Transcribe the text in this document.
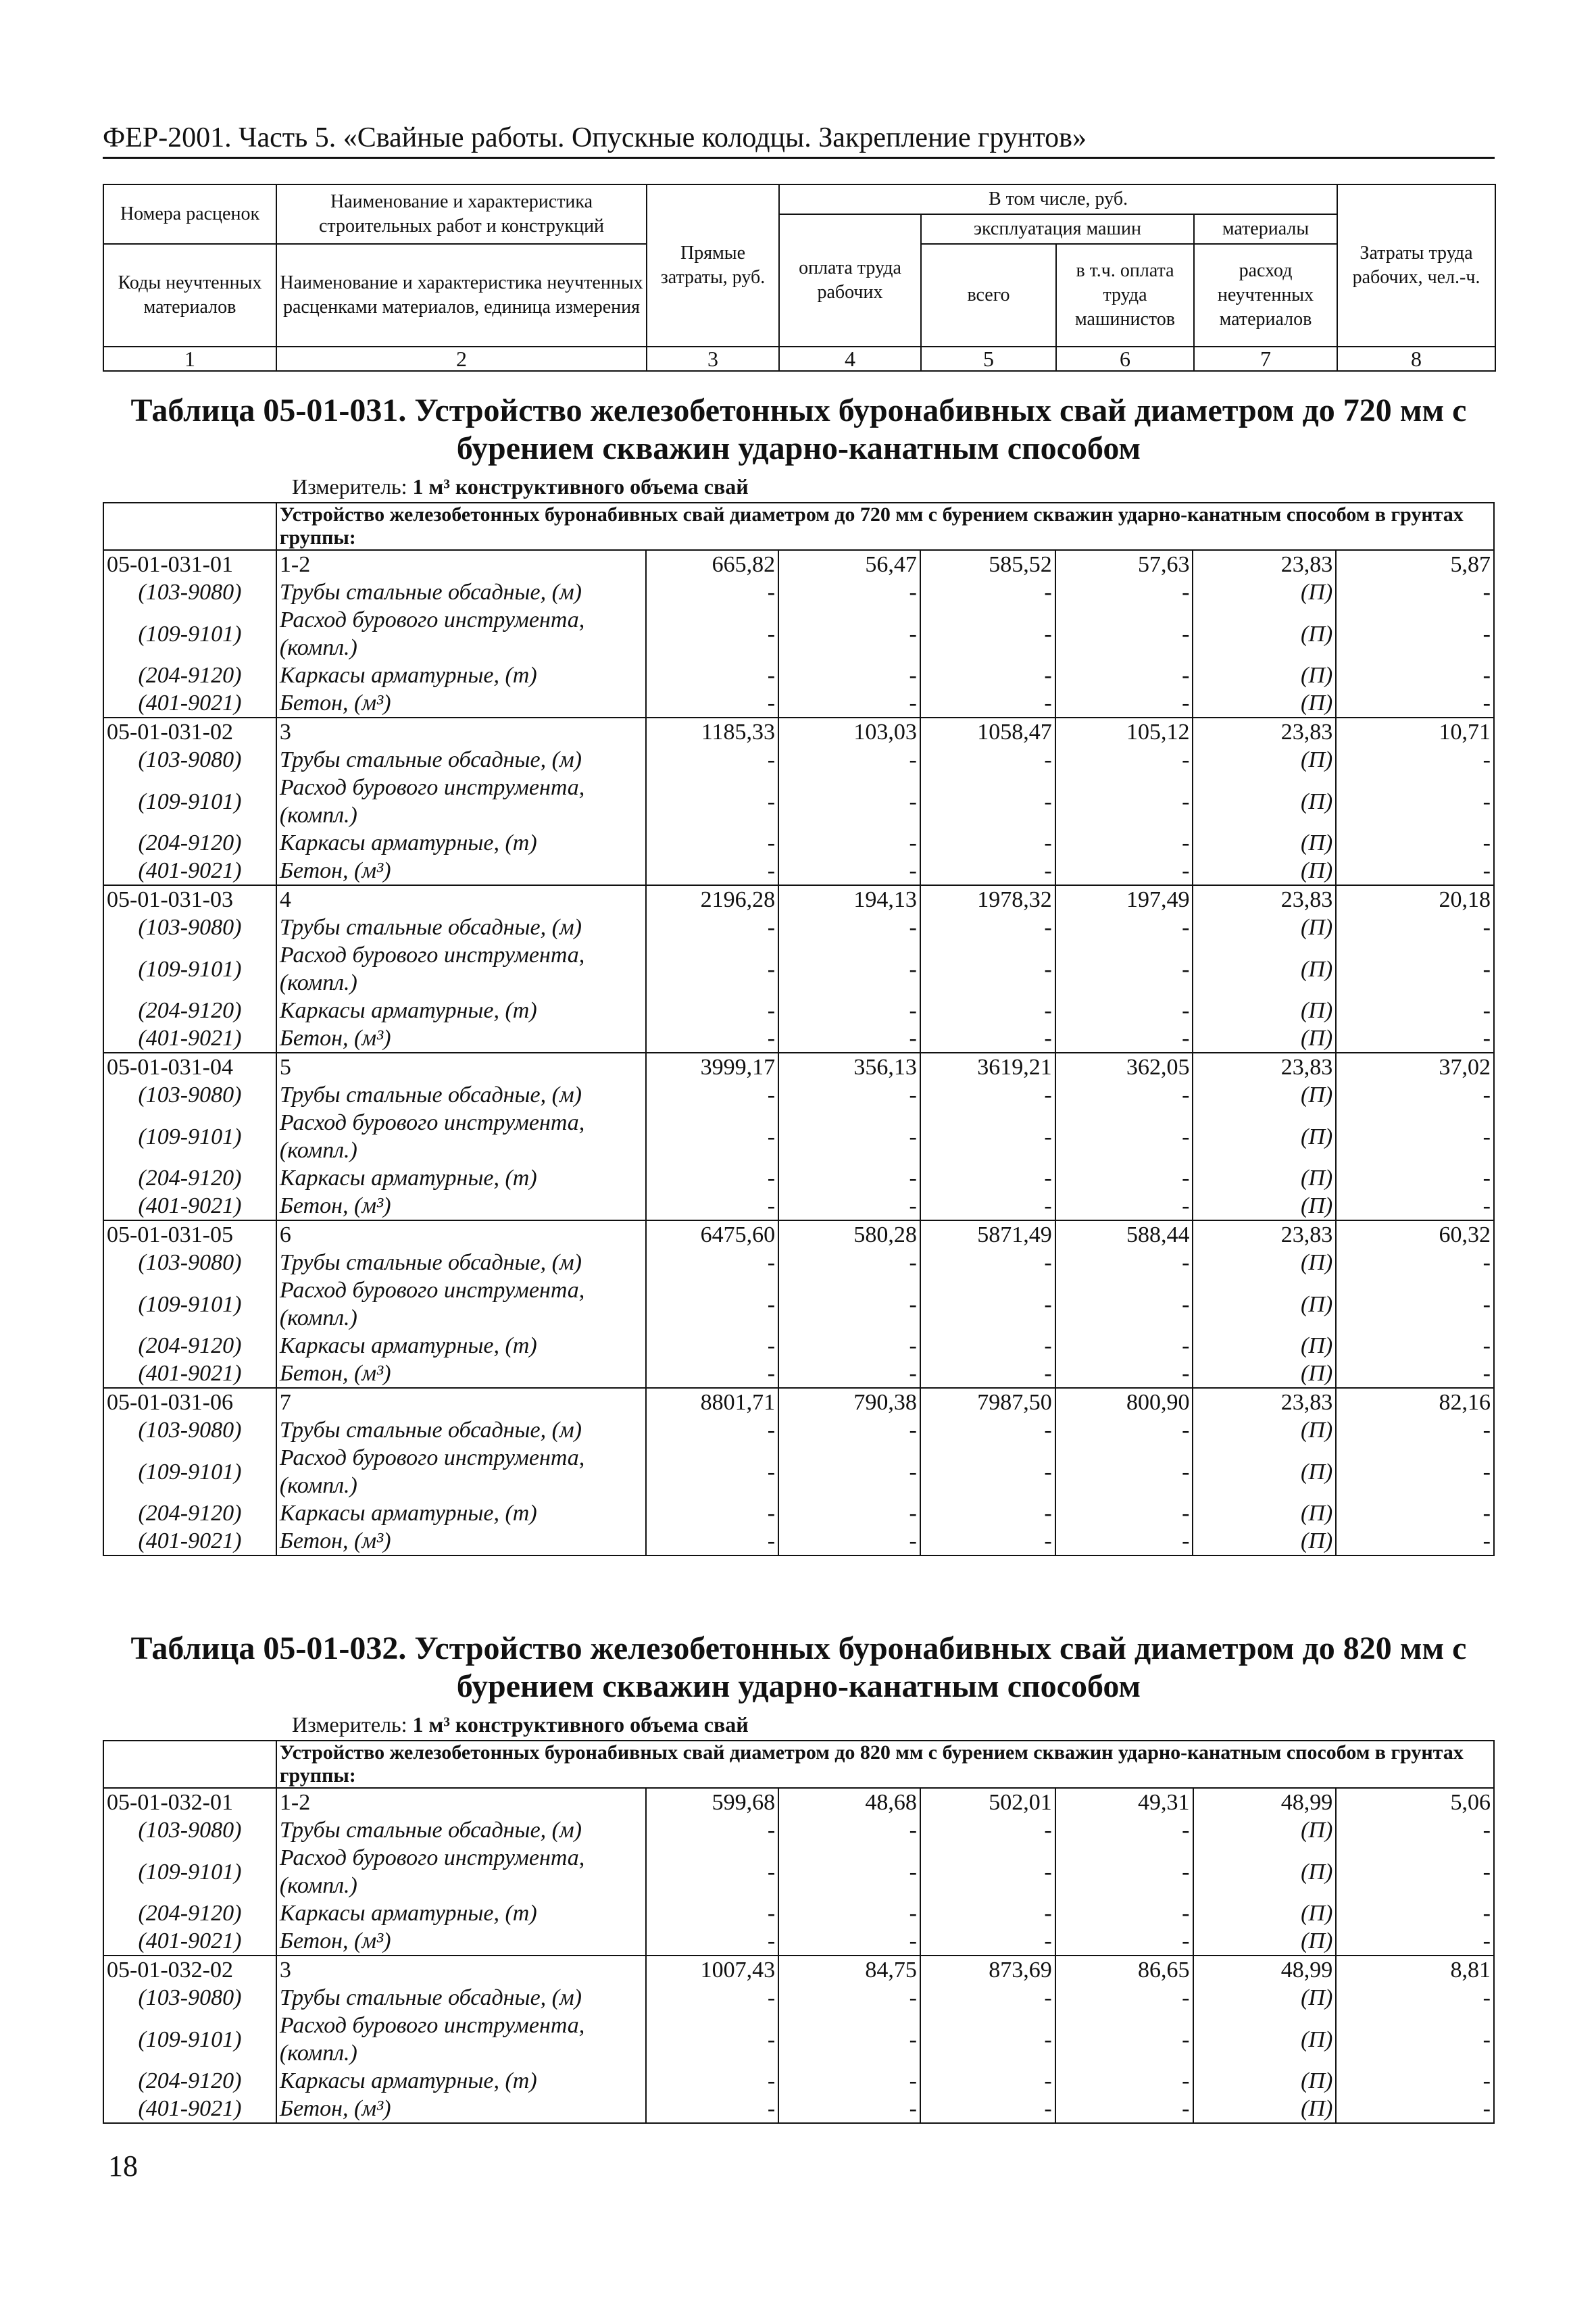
ФЕР-2001. Часть 5. «Свайные работы. Опускные колодцы. Закрепление грунтов»
Номера расценок	Наименование и характеристика строительных работ и конструкций	Прямые затраты, руб.	В том числе, руб.				Затраты труда рабочих, чел.-ч.
			оплата труда рабочих	эксплуатация машин		материалы	
Коды неучтенных материалов	Наименование и характеристика неучтенных расценками материалов, единица измерения			всего	в т.ч. оплата труда машинистов	расход неучтенных материалов	
1	2	3	4	5	6	7	8
Таблица 05-01-031. Устройство железобетонных буронабивных свай диаметром до 720 мм с бурением скважин ударно-канатным способом
Измеритель: 1 м³ конструктивного объема свай
	Устройство железобетонных буронабивных свай диаметром до 720 мм с бурением скважин ударно-канатным способом в грунтах группы:						
05-01-031-01	1-2	665,82	56,47	585,52	57,63	23,83	5,87
(103-9080)	Трубы стальные обсадные, (м)	-	-	-	-	(П)	-
(109-9101)	Расход бурового инструмента, (компл.)	-	-	-	-	(П)	-
(204-9120)	Каркасы арматурные, (т)	-	-	-	-	(П)	-
(401-9021)	Бетон, (м³)	-	-	-	-	(П)	-
05-01-031-02	3	1185,33	103,03	1058,47	105,12	23,83	10,71
(103-9080)	Трубы стальные обсадные, (м)	-	-	-	-	(П)	-
(109-9101)	Расход бурового инструмента, (компл.)	-	-	-	-	(П)	-
(204-9120)	Каркасы арматурные, (т)	-	-	-	-	(П)	-
(401-9021)	Бетон, (м³)	-	-	-	-	(П)	-
05-01-031-03	4	2196,28	194,13	1978,32	197,49	23,83	20,18
(103-9080)	Трубы стальные обсадные, (м)	-	-	-	-	(П)	-
(109-9101)	Расход бурового инструмента, (компл.)	-	-	-	-	(П)	-
(204-9120)	Каркасы арматурные, (т)	-	-	-	-	(П)	-
(401-9021)	Бетон, (м³)	-	-	-	-	(П)	-
05-01-031-04	5	3999,17	356,13	3619,21	362,05	23,83	37,02
(103-9080)	Трубы стальные обсадные, (м)	-	-	-	-	(П)	-
(109-9101)	Расход бурового инструмента, (компл.)	-	-	-	-	(П)	-
(204-9120)	Каркасы арматурные, (т)	-	-	-	-	(П)	-
(401-9021)	Бетон, (м³)	-	-	-	-	(П)	-
05-01-031-05	6	6475,60	580,28	5871,49	588,44	23,83	60,32
(103-9080)	Трубы стальные обсадные, (м)	-	-	-	-	(П)	-
(109-9101)	Расход бурового инструмента, (компл.)	-	-	-	-	(П)	-
(204-9120)	Каркасы арматурные, (т)	-	-	-	-	(П)	-
(401-9021)	Бетон, (м³)	-	-	-	-	(П)	-
05-01-031-06	7	8801,71	790,38	7987,50	800,90	23,83	82,16
(103-9080)	Трубы стальные обсадные, (м)	-	-	-	-	(П)	-
(109-9101)	Расход бурового инструмента, (компл.)	-	-	-	-	(П)	-
(204-9120)	Каркасы арматурные, (т)	-	-	-	-	(П)	-
(401-9021)	Бетон, (м³)	-	-	-	-	(П)	-
Таблица 05-01-032. Устройство железобетонных буронабивных свай диаметром до 820 мм с бурением скважин ударно-канатным способом
Измеритель: 1 м³ конструктивного объема свай
	Устройство железобетонных буронабивных свай диаметром до 820 мм с бурением скважин ударно-канатным способом в грунтах группы:						
05-01-032-01	1-2	599,68	48,68	502,01	49,31	48,99	5,06
(103-9080)	Трубы стальные обсадные, (м)	-	-	-	-	(П)	-
(109-9101)	Расход бурового инструмента, (компл.)	-	-	-	-	(П)	-
(204-9120)	Каркасы арматурные, (т)	-	-	-	-	(П)	-
(401-9021)	Бетон, (м³)	-	-	-	-	(П)	-
05-01-032-02	3	1007,43	84,75	873,69	86,65	48,99	8,81
(103-9080)	Трубы стальные обсадные, (м)	-	-	-	-	(П)	-
(109-9101)	Расход бурового инструмента, (компл.)	-	-	-	-	(П)	-
(204-9120)	Каркасы арматурные, (т)	-	-	-	-	(П)	-
(401-9021)	Бетон, (м³)	-	-	-	-	(П)	-
18
